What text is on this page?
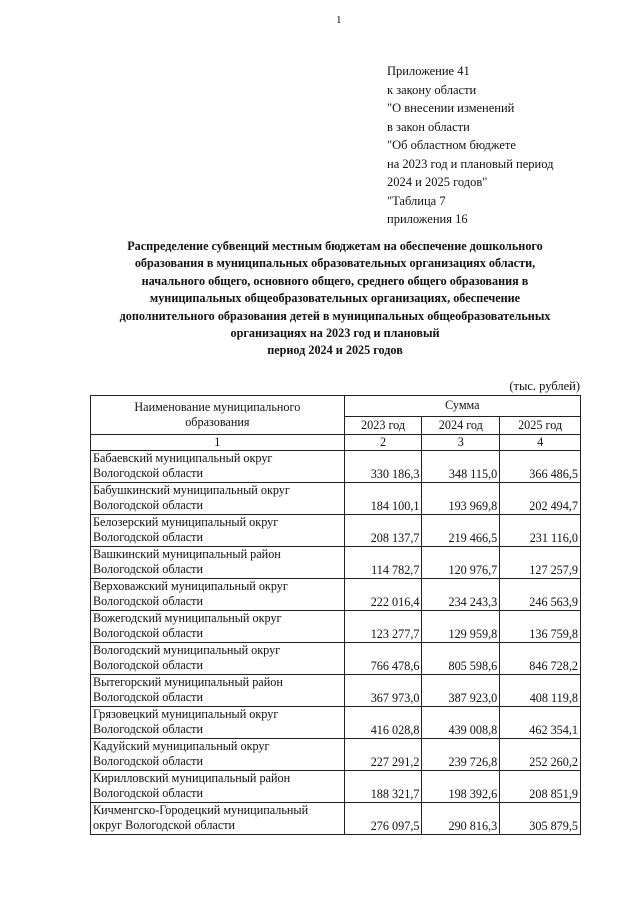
1
Приложение 41
к закону области
"О внесении изменений
в закон области
"Об областном бюджете
на 2023 год и плановый период
2024 и 2025 годов"
"Таблица 7
приложения 16
Распределение субвенций местным бюджетам на обеспечение дошкольного
образования в муниципальных образовательных организациях области,
начального общего, основного общего, среднего общего образования в
муниципальных общеобразовательных организациях, обеспечение
дополнительного образования детей в муниципальных общеобразовательных
организациях на 2023 год и плановый
период 2024 и 2025 годов
(тыс. рублей)
Наименование муниципального
образования	Сумма		
	2023 год	2024 год	2025 год
1	2	3	4
Бабаевский муниципальный округ
Вологодской области	330 186,3	348 115,0	366 486,5
Бабушкинский муниципальный округ
Вологодской области	184 100,1	193 969,8	202 494,7
Белозерский муниципальный округ
Вологодской области	208 137,7	219 466,5	231 116,0
Вашкинский муниципальный район
Вологодской области	114 782,7	120 976,7	127 257,9
Верховажский муниципальный округ
Вологодской области	222 016,4	234 243,3	246 563,9
Вожегодский муниципальный округ
Вологодской области	123 277,7	129 959,8	136 759,8
Вологодский муниципальный округ
Вологодской области	766 478,6	805 598,6	846 728,2
Вытегорский муниципальный район
Вологодской области	367 973,0	387 923,0	408 119,8
Грязовецкий муниципальный округ
Вологодской области	416 028,8	439 008,8	462 354,1
Кадуйский муниципальный округ
Вологодской области	227 291,2	239 726,8	252 260,2
Кирилловский муниципальный район
Вологодской области	188 321,7	198 392,6	208 851,9
Кичменгско-Городецкий муниципальный
округ Вологодской области	276 097,5	290 816,3	305 879,5
